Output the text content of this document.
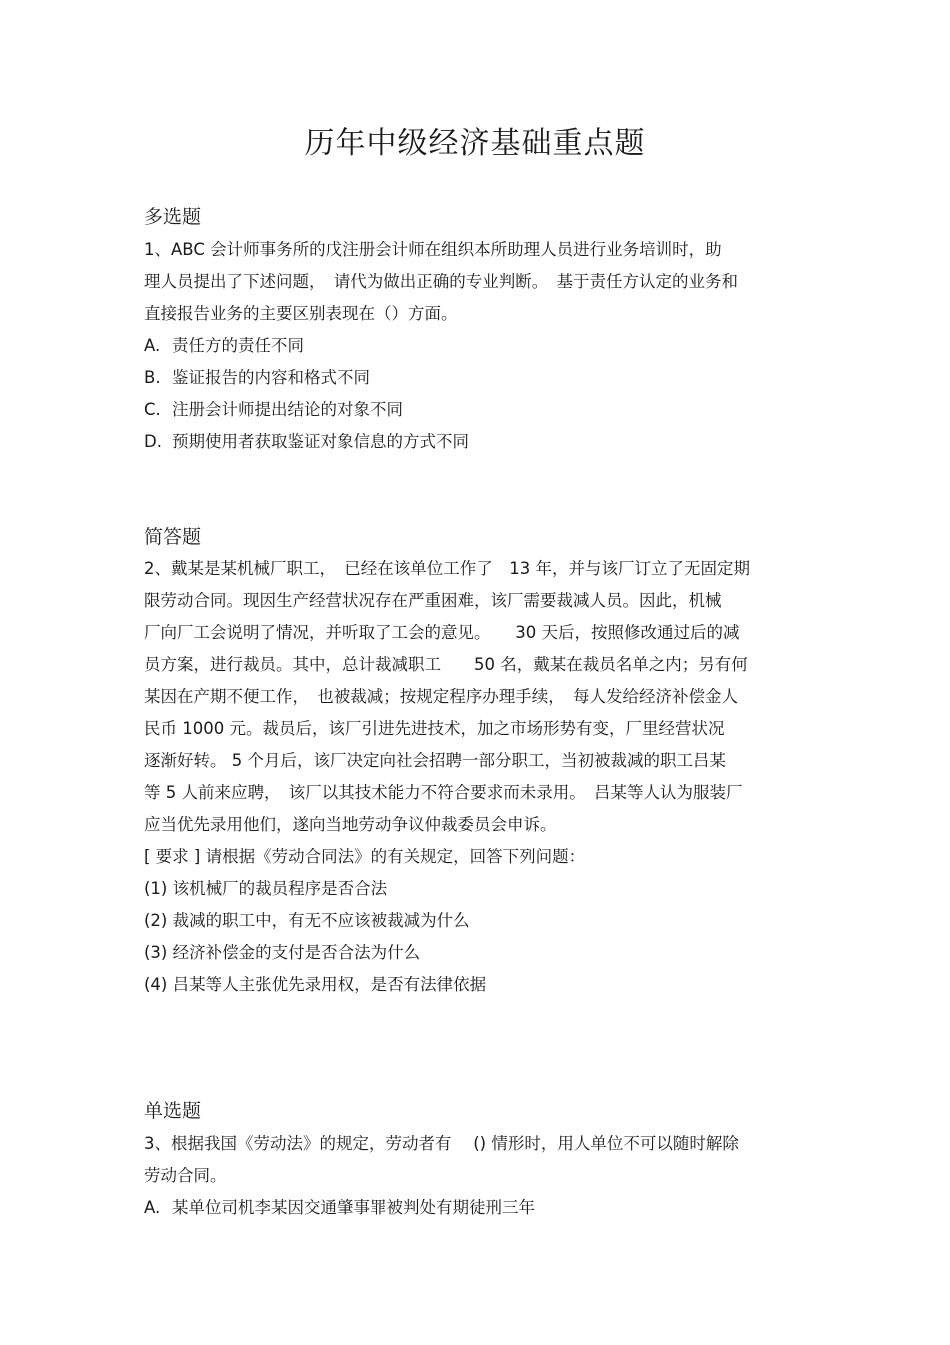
历年中级经济基础重点题
多选题
1、ABC 会计师事务所的戊注册会计师在组织本所助理人员进行业务培训时，助
理人员提出了下述问题，　请代为做出正确的专业判断。　基于责任方认定的业务和
直接报告业务的主要区别表现在（）方面。
A. 责任方的责任不同
B. 鉴证报告的内容和格式不同
C. 注册会计师提出结论的对象不同
D. 预期使用者获取鉴证对象信息的方式不同
简答题
2、戴某是某机械厂职工，　已经在该单位工作了　13 年，并与该厂订立了无固定期
限劳动合同。现因生产经营状况存在严重困难，该厂需要裁减人员。因此，机械
厂向厂工会说明了情况，并听取了工会的意见。　　30 天后，按照修改通过后的减
员方案，进行裁员。其中，总计裁减职工　　50 名，戴某在裁员名单之内；另有何
某因在产期不便工作，　也被裁减；按规定程序办理手续，　每人发给经济补偿金人
民币 1000 元。裁员后，该厂引进先进技术，加之市场形势有变，厂里经营状况
逐渐好转。 5 个月后，该厂决定向社会招聘一部分职工，当初被裁减的职工吕某
等 5 人前来应聘，　该厂以其技术能力不符合要求而未录用。　吕某等人认为服装厂
应当优先录用他们，遂向当地劳动争议仲裁委员会申诉。
[ 要求 ] 请根据《劳动合同法》的有关规定，回答下列问题：
(1) 该机械厂的裁员程序是否合法
(2) 裁减的职工中，有无不应该被裁减为什么
(3) 经济补偿金的支付是否合法为什么
(4) 吕某等人主张优先录用权，是否有法律依据
单选题
3、根据我国《劳动法》的规定，劳动者有　 () 情形时，用人单位不可以随时解除
劳动合同。
A. 某单位司机李某因交通肇事罪被判处有期徒刑三年
